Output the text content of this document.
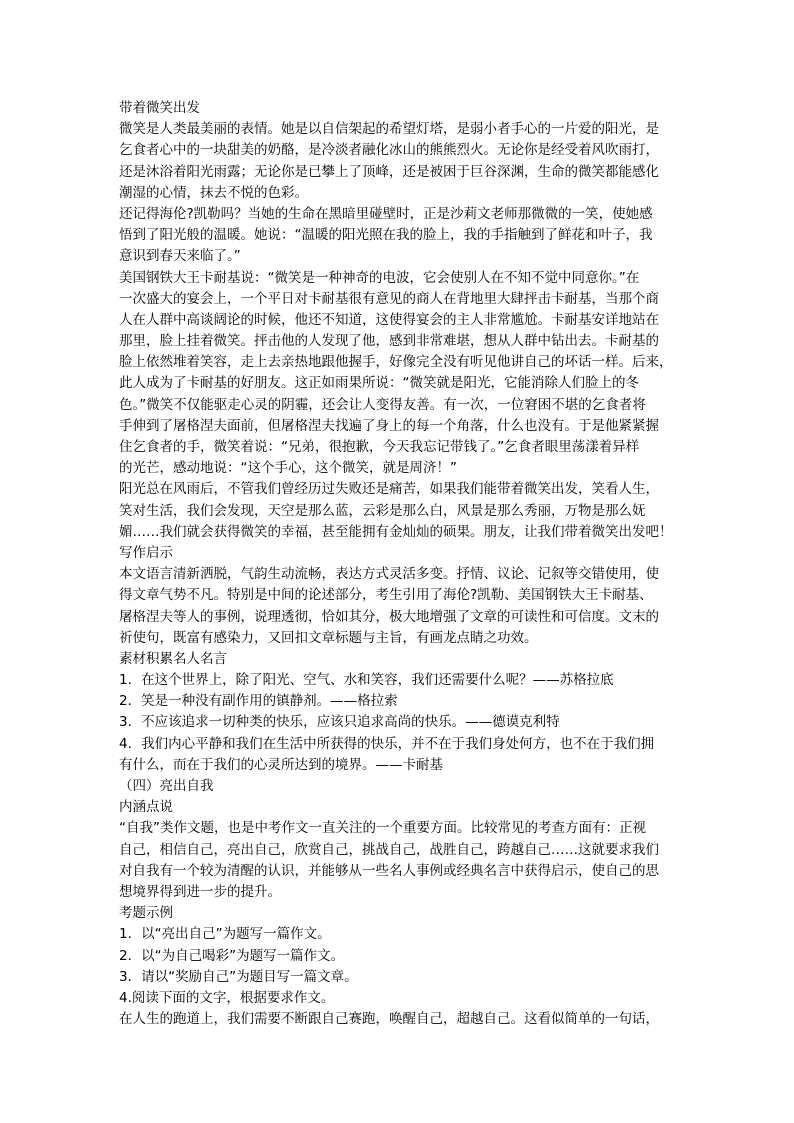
带着微笑出发
微笑是人类最美丽的表情。她是以自信架起的希望灯塔，是弱小者手心的一片爱的阳光，是
乞食者心中的一块甜美的奶酪，是冷淡者融化冰山的熊熊烈火。无论你是经受着风吹雨打，
还是沐浴着阳光雨露；无论你是已攀上了顶峰，还是被困于巨谷深渊，生命的微笑都能感化
潮湿的心情，抹去不悦的色彩。
还记得海伦?凯勒吗？当她的生命在黑暗里碰壁时，正是沙莉文老师那微微的一笑，使她感
悟到了阳光般的温暖。她说：“温暖的阳光照在我的脸上，我的手指触到了鲜花和叶子，我
意识到春天来临了。”
美国钢铁大王卡耐基说：“微笑是一种神奇的电波，它会使别人在不知不觉中同意你。”在
一次盛大的宴会上，一个平日对卡耐基很有意见的商人在背地里大肆抨击卡耐基，当那个商
人在人群中高谈阔论的时候，他还不知道，这使得宴会的主人非常尴尬。卡耐基安详地站在
那里，脸上挂着微笑。抨击他的人发现了他，感到非常难堪，想从人群中钻出去。卡耐基的
脸上依然堆着笑容，走上去亲热地跟他握手，好像完全没有听见他讲自己的坏话一样。后来，
此人成为了卡耐基的好朋友。这正如雨果所说：“微笑就是阳光，它能消除人们脸上的冬
色。”微笑不仅能驱走心灵的阴霾，还会让人变得友善。有一次，一位窘困不堪的乞食者将
手伸到了屠格涅夫面前，但屠格涅夫找遍了身上的每一个角落，什么也没有。于是他紧紧握
住乞食者的手，微笑着说：“兄弟，很抱歉，今天我忘记带钱了。”乞食者眼里荡漾着异样
的光芒，感动地说：“这个手心，这个微笑，就是周济！”
阳光总在风雨后，不管我们曾经历过失败还是痛苦，如果我们能带着微笑出发，笑看人生，
笑对生活，我们会发现，天空是那么蓝，云彩是那么白，风景是那么秀丽，万物是那么妩
媚……我们就会获得微笑的幸福，甚至能拥有金灿灿的硕果。朋友，让我们带着微笑出发吧！
写作启示
本文语言清新洒脱，气韵生动流畅，表达方式灵活多变。抒情、议论、记叙等交错使用，使
得文章气势不凡。特别是中间的论述部分，考生引用了海伦?凯勒、美国钢铁大王卡耐基、
屠格涅夫等人的事例，说理透彻，恰如其分，极大地增强了文章的可读性和可信度。文末的
祈使句，既富有感染力，又回扣文章标题与主旨，有画龙点睛之功效。
素材积累名人名言
1．在这个世界上，除了阳光、空气、水和笑容，我们还需要什么呢？——苏格拉底
2．笑是一种没有副作用的镇静剂。——格拉索
3．不应该追求一切种类的快乐，应该只追求高尚的快乐。——德谟克利特
4．我们内心平静和我们在生活中所获得的快乐，并不在于我们身处何方，也不在于我们拥
有什么，而在于我们的心灵所达到的境界。——卡耐基
（四）亮出自我
内涵点说
“自我”类作文题，也是中考作文一直关注的一个重要方面。比较常见的考查方面有：正视
自己，相信自己，亮出自己，欣赏自己，挑战自己，战胜自己，跨越自己……这就要求我们
对自我有一个较为清醒的认识，并能够从一些名人事例或经典名言中获得启示，使自己的思
想境界得到进一步的提升。
考题示例
1．以“亮出自己”为题写一篇作文。
2．以“为自己喝彩”为题写一篇作文。
3．请以“奖励自己”为题目写一篇文章。
4.阅读下面的文字，根据要求作文。
在人生的跑道上，我们需要不断跟自己赛跑，唤醒自己，超越自己。这看似简单的一句话，
